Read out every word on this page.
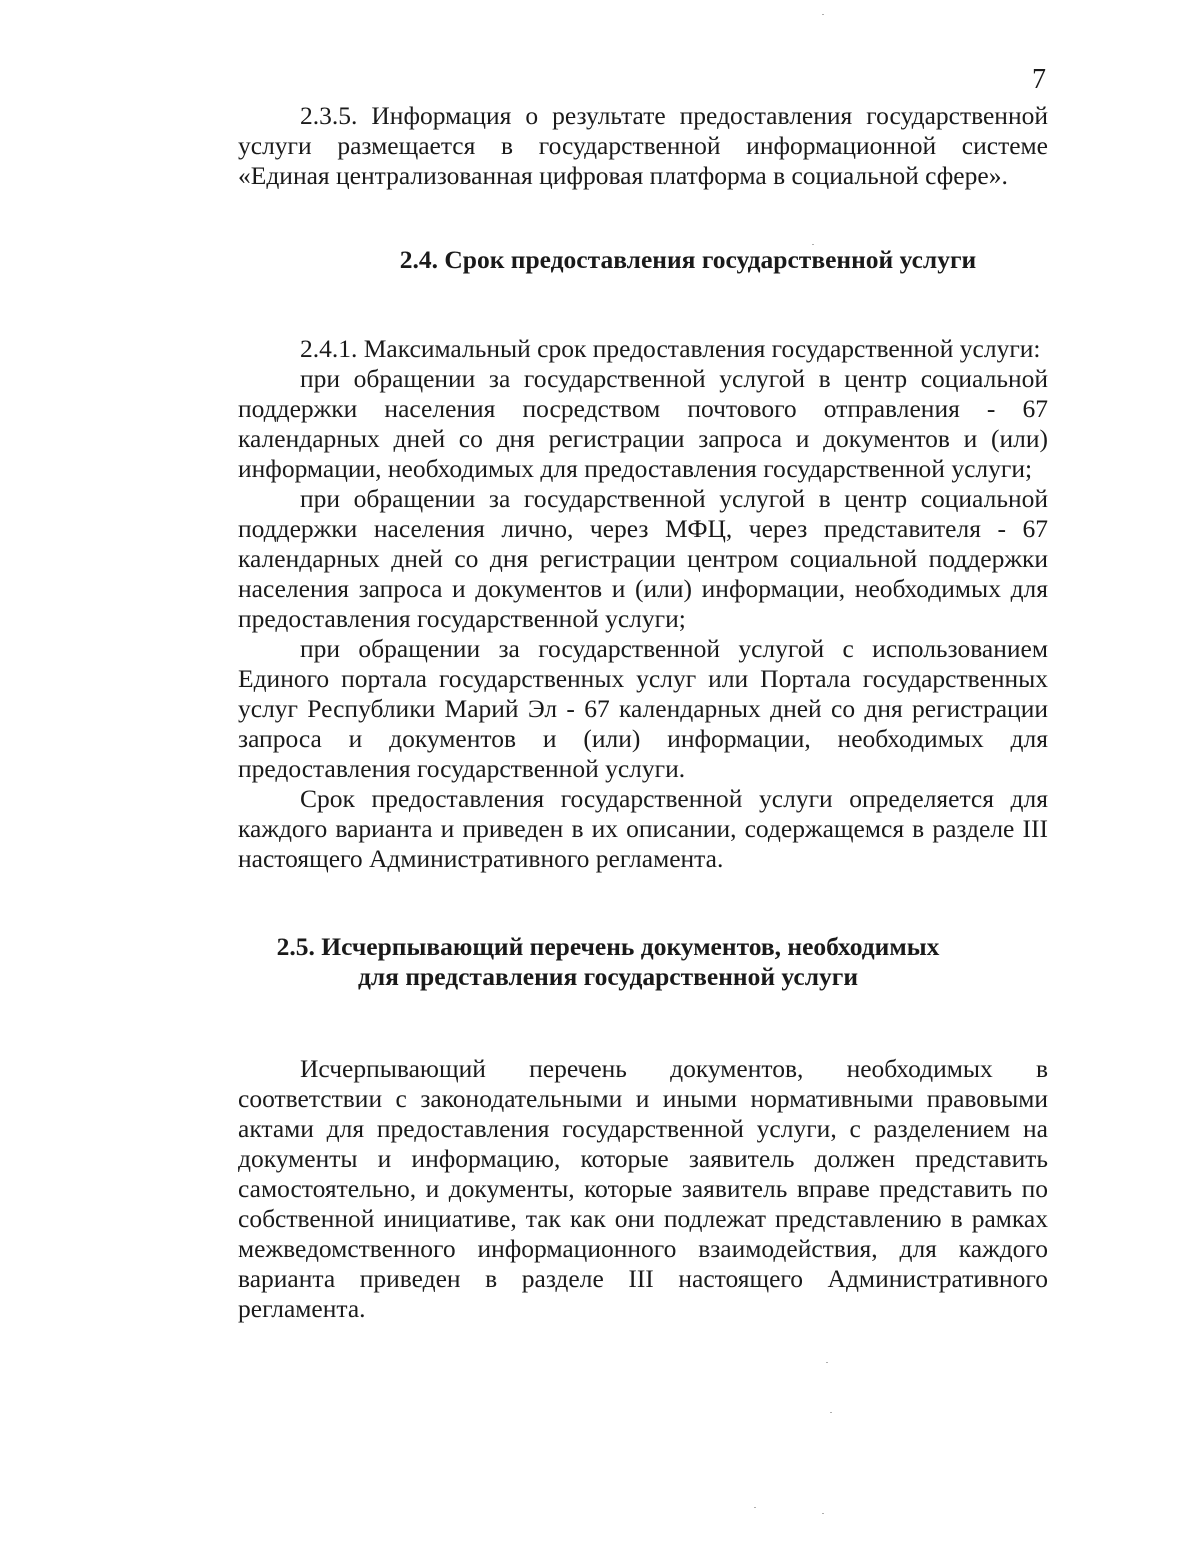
7

2.3.5. Информация о результате предоставления государственной услуги размещается в государственной информационной системе «Единая централизованная цифровая платформа в социальной сфере».

2.4. Срок предоставления государственной услуги

2.4.1. Максимальный срок предоставления государственной услуги:

при обращении за государственной услугой в центр социальной поддержки населения посредством почтового отправления - 67 календарных дней со дня регистрации запроса и документов и (или) информации, необходимых для предоставления государственной услуги;

при обращении за государственной услугой в центр социальной поддержки населения лично, через МФЦ, через представителя - 67 календарных дней со дня регистрации центром социальной поддержки населения запроса и документов и (или) информации, необходимых для предоставления государственной услуги;

при обращении за государственной услугой с использованием Единого портала государственных услуг или Портала государственных услуг Республики Марий Эл - 67 календарных дней со дня регистрации запроса и документов и (или) информации, необходимых для предоставления государственной услуги.

Срок предоставления государственной услуги определяется для каждого варианта и приведен в их описании, содержащемся в разделе III настоящего Административного регламента.

2.5. Исчерпывающий перечень документов, необходимых
для представления государственной услуги

Исчерпывающий перечень документов, необходимых в соответствии с законодательными и иными нормативными правовыми актами для предоставления государственной услуги, с разделением на документы и информацию, которые заявитель должен представить самостоятельно, и документы, которые заявитель вправе представить по собственной инициативе, так как они подлежат представлению в рамках межведомственного информационного взаимодействия, для каждого варианта приведен в разделе III настоящего Административного регламента.
